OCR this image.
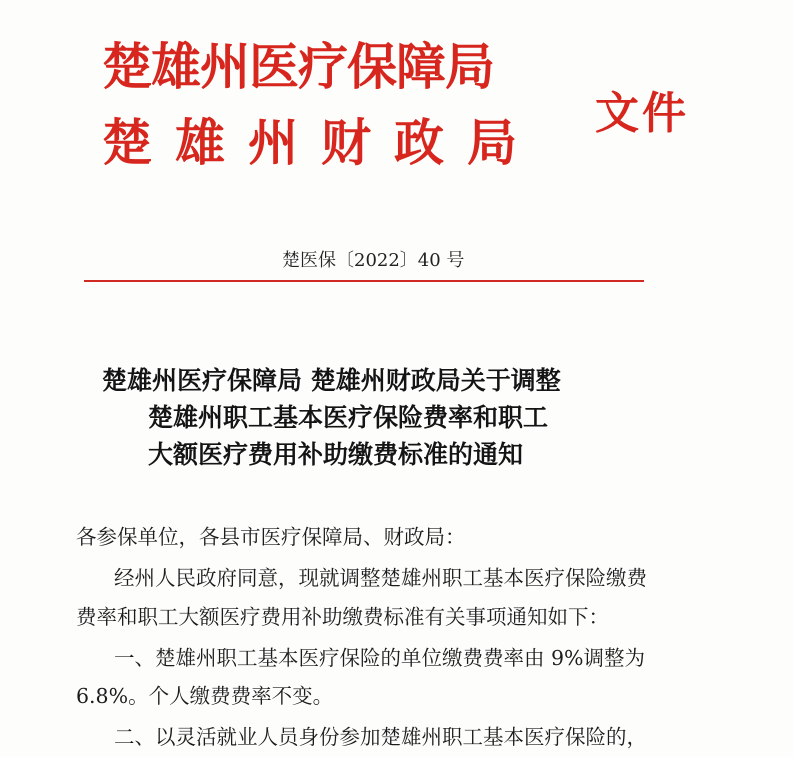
楚雄州医疗保障局
楚雄州财政局 文件
楚医保〔2022〕40 号
楚雄州医疗保障局 楚雄州财政局关于调整
楚雄州职工基本医疗保险费率和职工
大额医疗费用补助缴费标准的通知
各参保单位，各县市医疗保障局、财政局：
经州人民政府同意，现就调整楚雄州职工基本医疗保险缴费
费率和职工大额医疗费用补助缴费标准有关事项通知如下：
一、楚雄州职工基本医疗保险的单位缴费费率由 9%调整为
6.8%。个人缴费费率不变。
二、以灵活就业人员身份参加楚雄州职工基本医疗保险的，
